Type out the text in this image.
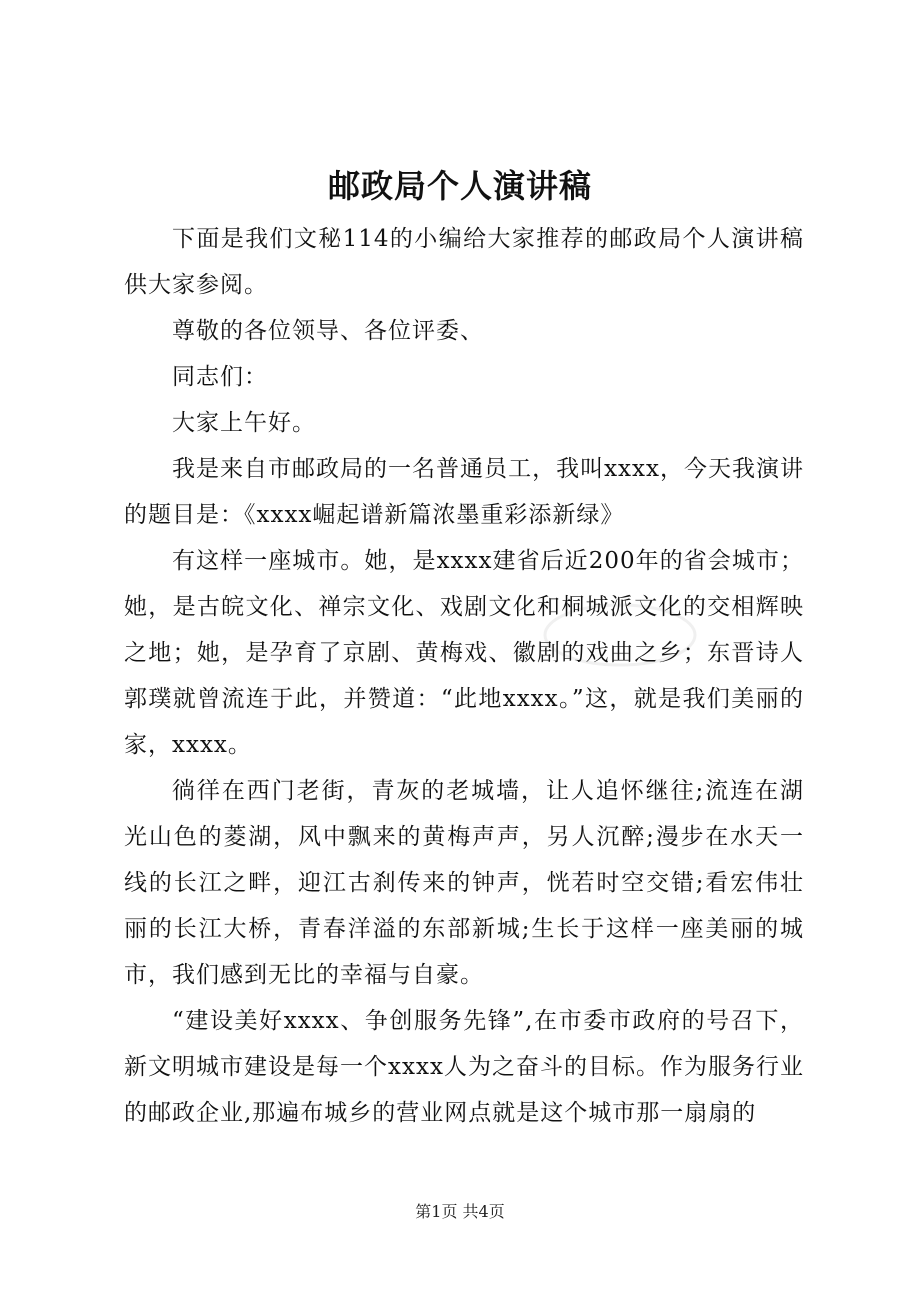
邮政局个人演讲稿

下面是我们文秘114的小编给大家推荐的邮政局个人演讲稿供大家参阅。

尊敬的各位领导、各位评委、

同志们：

大家上午好。

我是来自市邮政局的一名普通员工，我叫xxxx，今天我演讲的题目是：《xxxx崛起谱新篇浓墨重彩添新绿》

有这样一座城市。她，是xxxx建省后近200年的省会城市；她，是古皖文化、禅宗文化、戏剧文化和桐城派文化的交相辉映之地；她，是孕育了京剧、黄梅戏、徽剧的戏曲之乡；东晋诗人郭璞就曾流连于此，并赞道：“此地xxxx。”这，就是我们美丽的家，xxxx。

徜徉在西门老街，青灰的老城墙，让人追怀继往;流连在湖光山色的菱湖，风中飘来的黄梅声声，另人沉醉;漫步在水天一线的长江之畔，迎江古刹传来的钟声，恍若时空交错;看宏伟壮丽的长江大桥，青春洋溢的东部新城;生长于这样一座美丽的城市，我们感到无比的幸福与自豪。

“建设美好xxxx、争创服务先锋”,在市委市政府的号召下，新文明城市建设是每一个xxxx人为之奋斗的目标。作为服务行业的邮政企业,那遍布城乡的营业网点就是这个城市那一扇扇的

第1页 共4页
